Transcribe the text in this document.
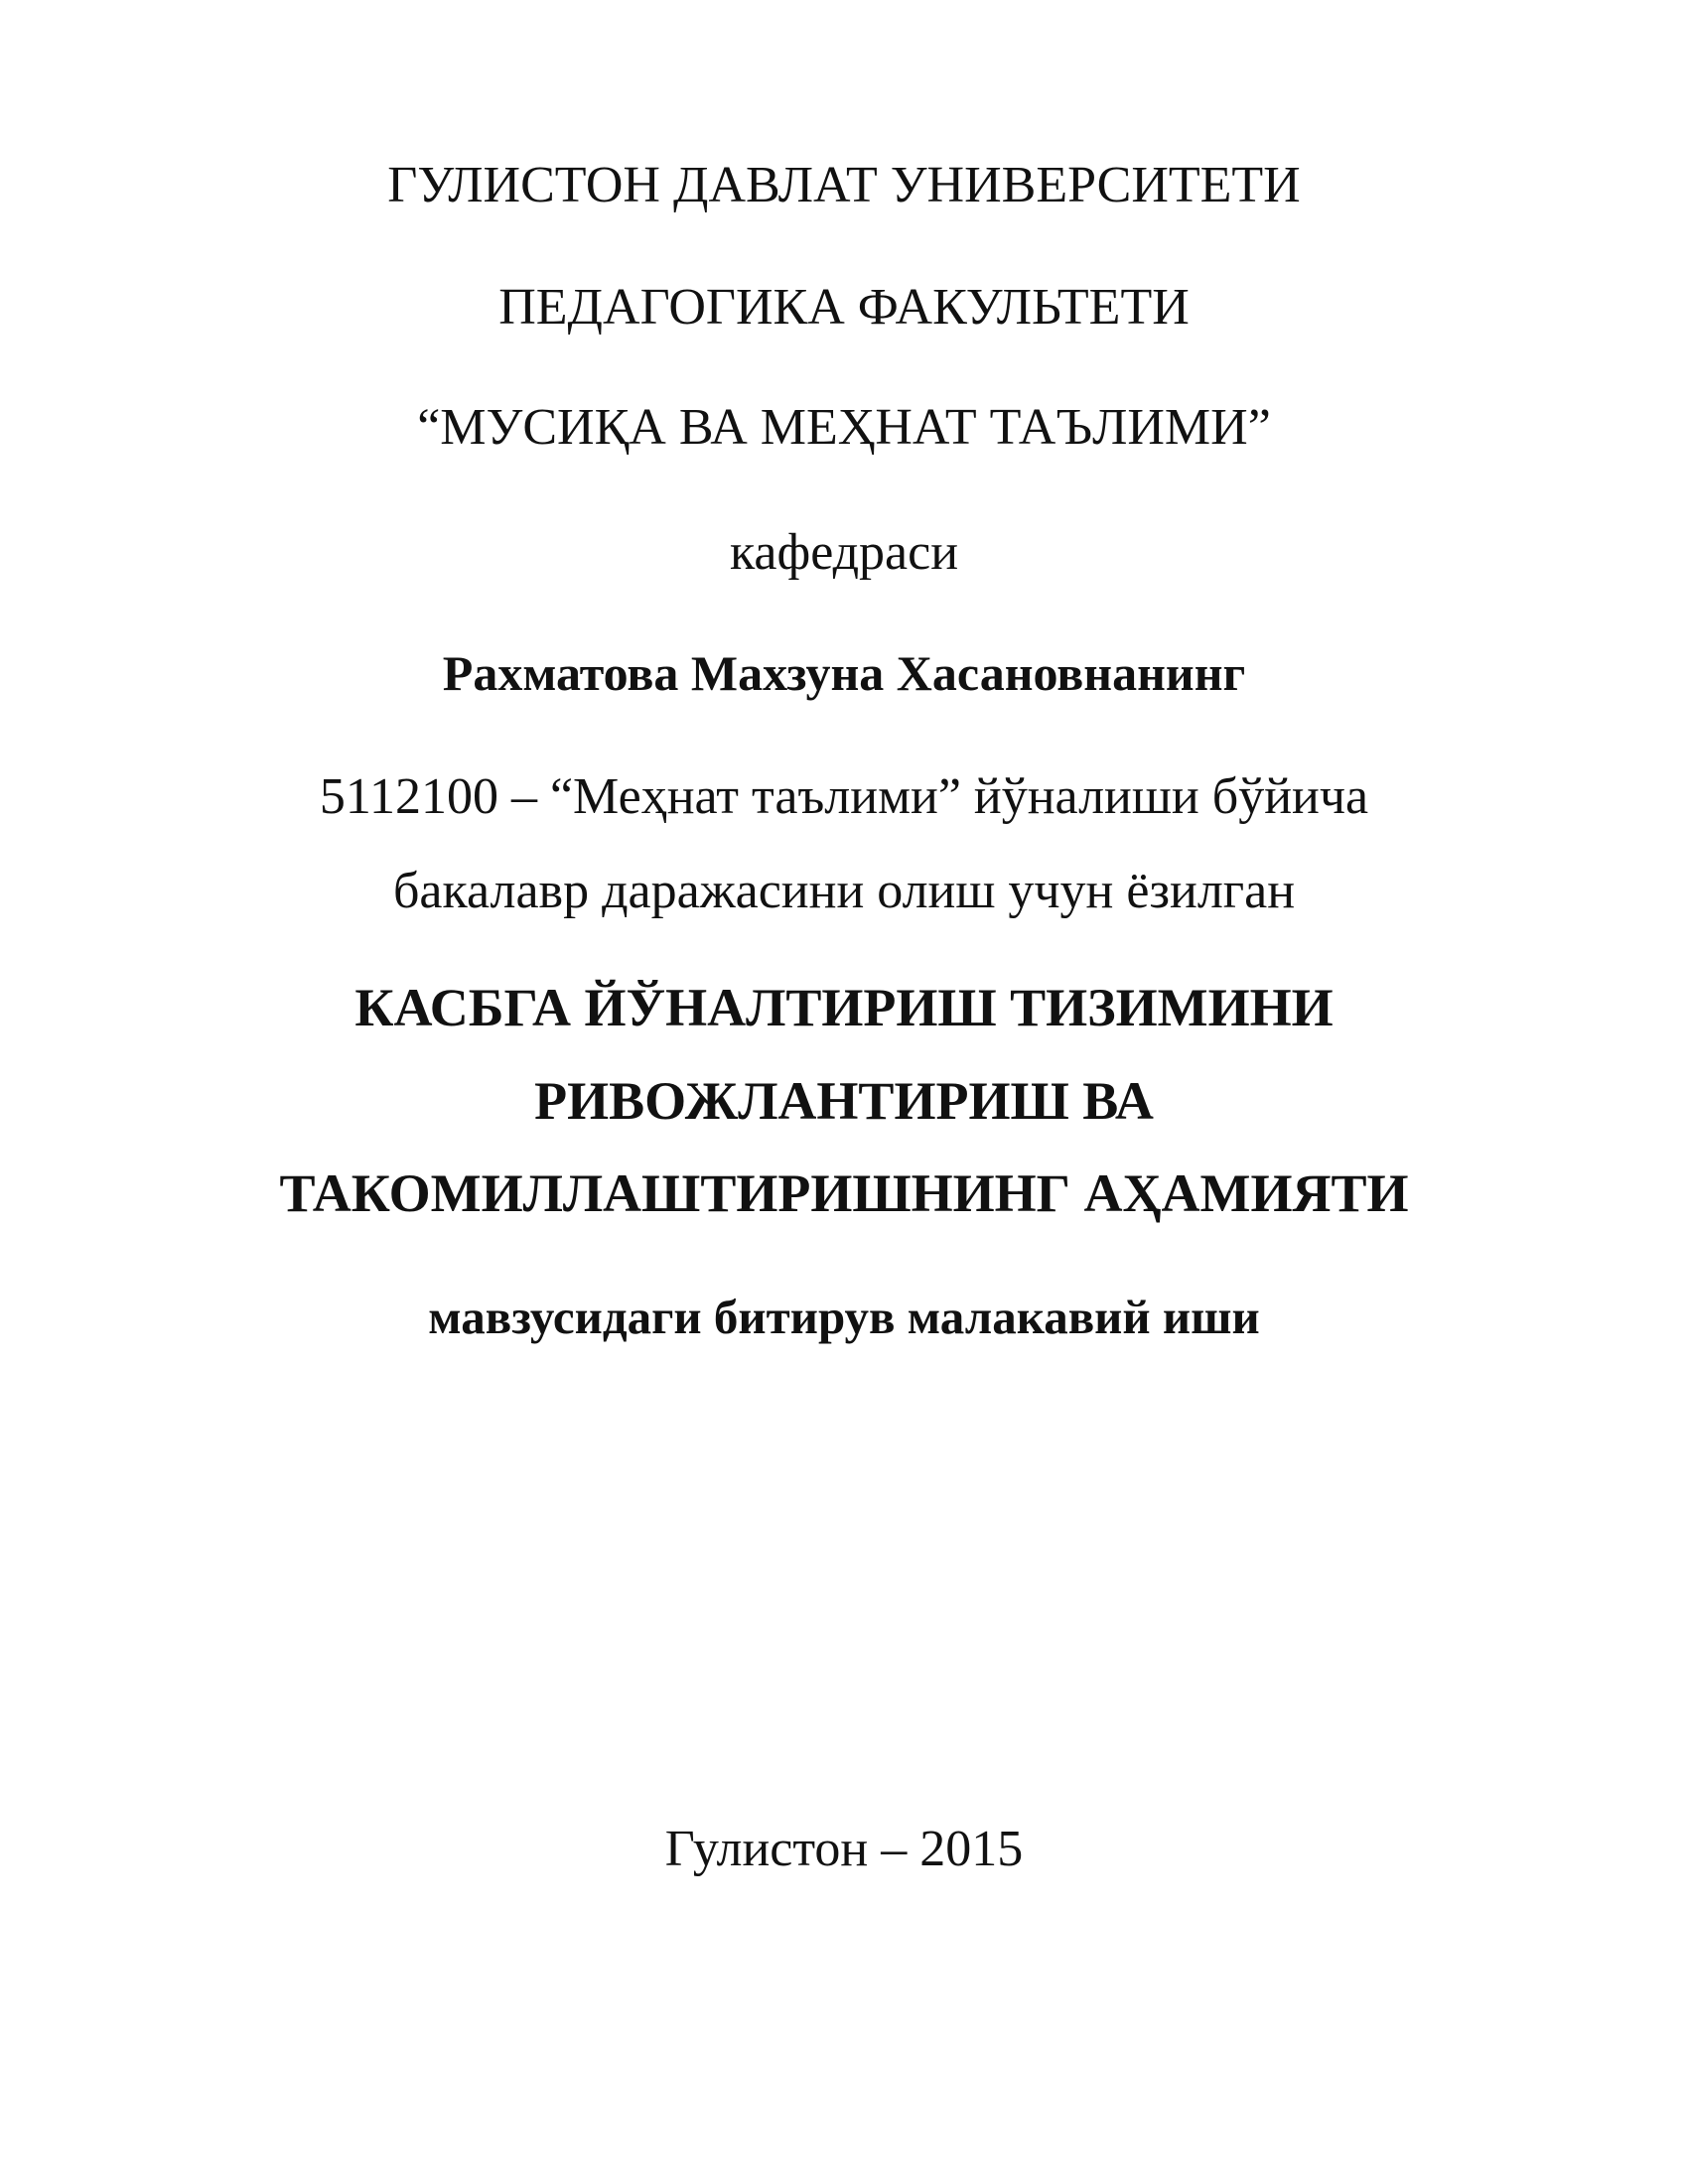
ГУЛИСТОН ДАВЛАТ УНИВЕРСИТЕТИ
ПЕДАГОГИКА ФАКУЛЬТЕТИ
“МУСИҚА ВА МЕҲНАТ ТАЪЛИМИ”
кафедраси
Рахматова Махзуна Хасановнанинг
5112100 – “Меҳнат таълими” йўналиши бўйича
бакалавр даражасини олиш учун ёзилган
КАСБГА ЙЎНАЛТИРИШ ТИЗИМИНИ
РИВОЖЛАНТИРИШ ВА
ТАКОМИЛЛАШТИРИШНИНГ АҲАМИЯТИ
мавзусидаги битирув малакавий иши
Гулистон – 2015
